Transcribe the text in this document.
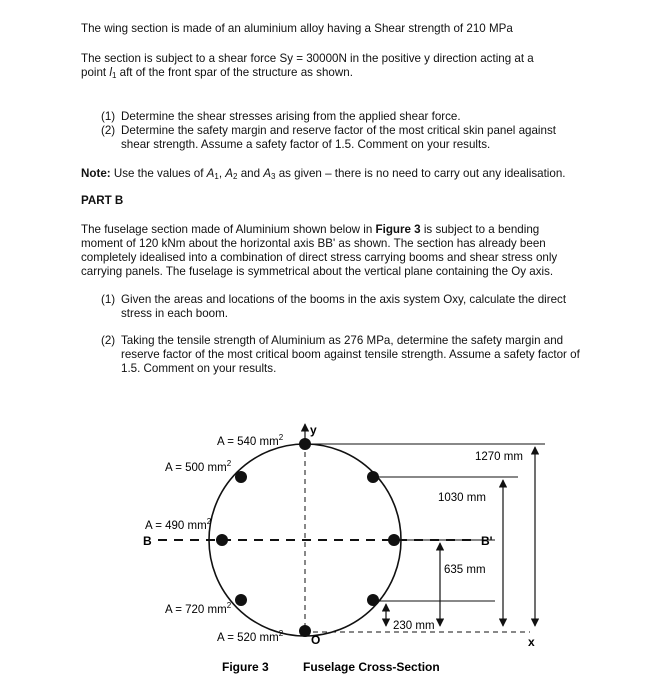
The wing section is made of an aluminium alloy having a Shear strength of 210 MPa

The section is subject to a shear force Sy = 30000N in the positive y direction acting at a
point $l_1$ aft of the front spar of the structure as shown.

(1) Determine the shear stresses arising from the applied shear force.
(2) Determine the safety margin and reserve factor of the most critical skin panel against shear strength. Assume a safety factor of 1.5. Comment on your results.

Note: Use the values of $A_1$, $A_2$ and $A_3$ as given – there is no need to carry out any idealisation.

PART B

The fuselage section made of Aluminium shown below in Figure 3 is subject to a bending moment of 120 kNm about the horizontal axis BB' as shown. The section has already been completely idealised into a combination of direct stress carrying booms and shear stress only carrying panels. The fuselage is symmetrical about the vertical plane containing the Oy axis.

(1) Given the areas and locations of the booms in the axis system Oxy, calculate the direct stress in each boom.
(2) Taking the tensile strength of Aluminium as 276 MPa, determine the safety margin and reserve factor of the most critical boom against tensile strength. Assume a safety factor of 1.5. Comment on your results.
A = 540 $mm^2$
A = 500 $mm^2$
A = 490 $mm^2$
A = 720 $mm^2$
A = 520 $mm^2$
y
O	x
B	B'
1270 mm
1030 mm
635 mm
230 mm
Figure 3	Fuselage Cross-Section
